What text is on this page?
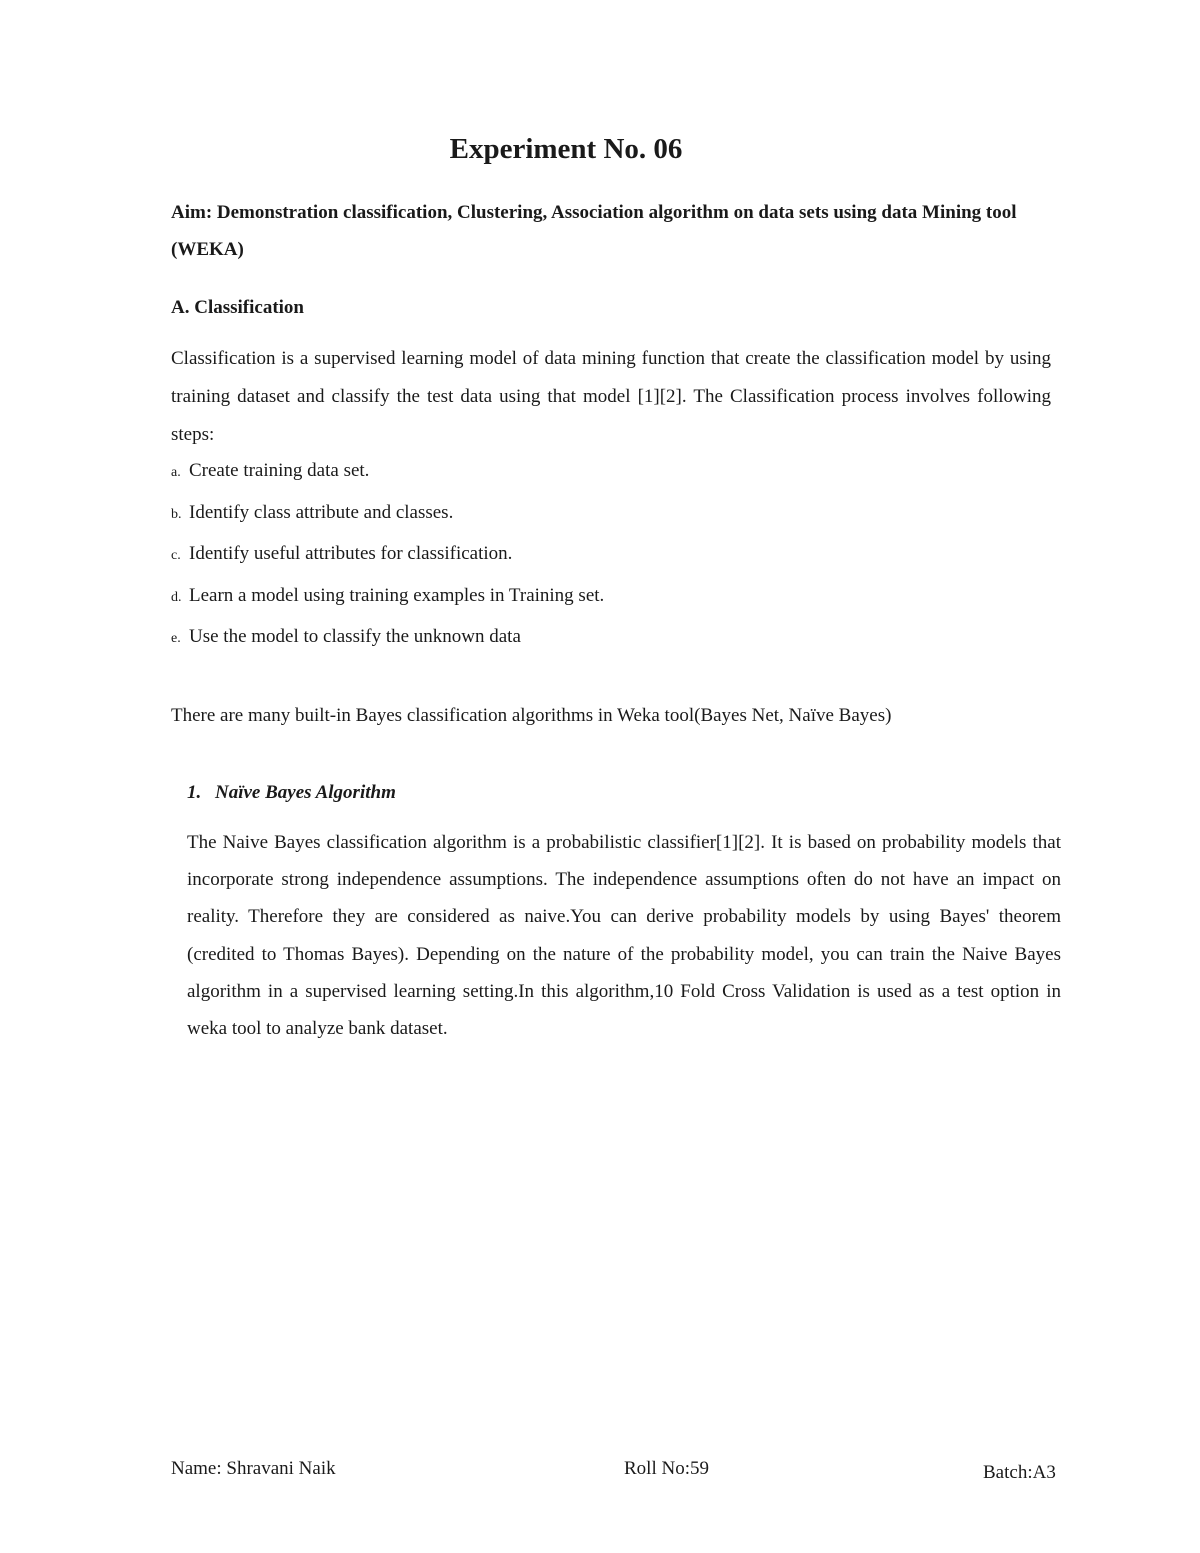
Experiment No. 06

Aim: Demonstration classification, Clustering, Association algorithm on data sets using data Mining tool (WEKA)

A. Classification

Classification is a supervised learning model of data mining function that create the classification model by using training dataset and classify the test data using that model [1][2]. The Classification process involves following steps:

a. Create training data set.
b. Identify class attribute and classes.
c. Identify useful attributes for classification.
d. Learn a model using training examples in Training set.
e. Use the model to classify the unknown data

There are many built-in Bayes classification algorithms in Weka tool(Bayes Net, Naïve Bayes)

1. Naïve Bayes Algorithm

The Naive Bayes classification algorithm is a probabilistic classifier[1][2]. It is based on probability models that incorporate strong independence assumptions. The independence assumptions often do not have an impact on reality. Therefore they are considered as naive.You can derive probability models by using Bayes' theorem (credited to Thomas Bayes). Depending on the nature of the probability model, you can train the Naive Bayes algorithm in a supervised learning setting.In this algorithm,10 Fold Cross Validation is used as a test option in weka tool to analyze bank dataset.

Name: Shravani Naik	Roll No:59	Batch:A3
